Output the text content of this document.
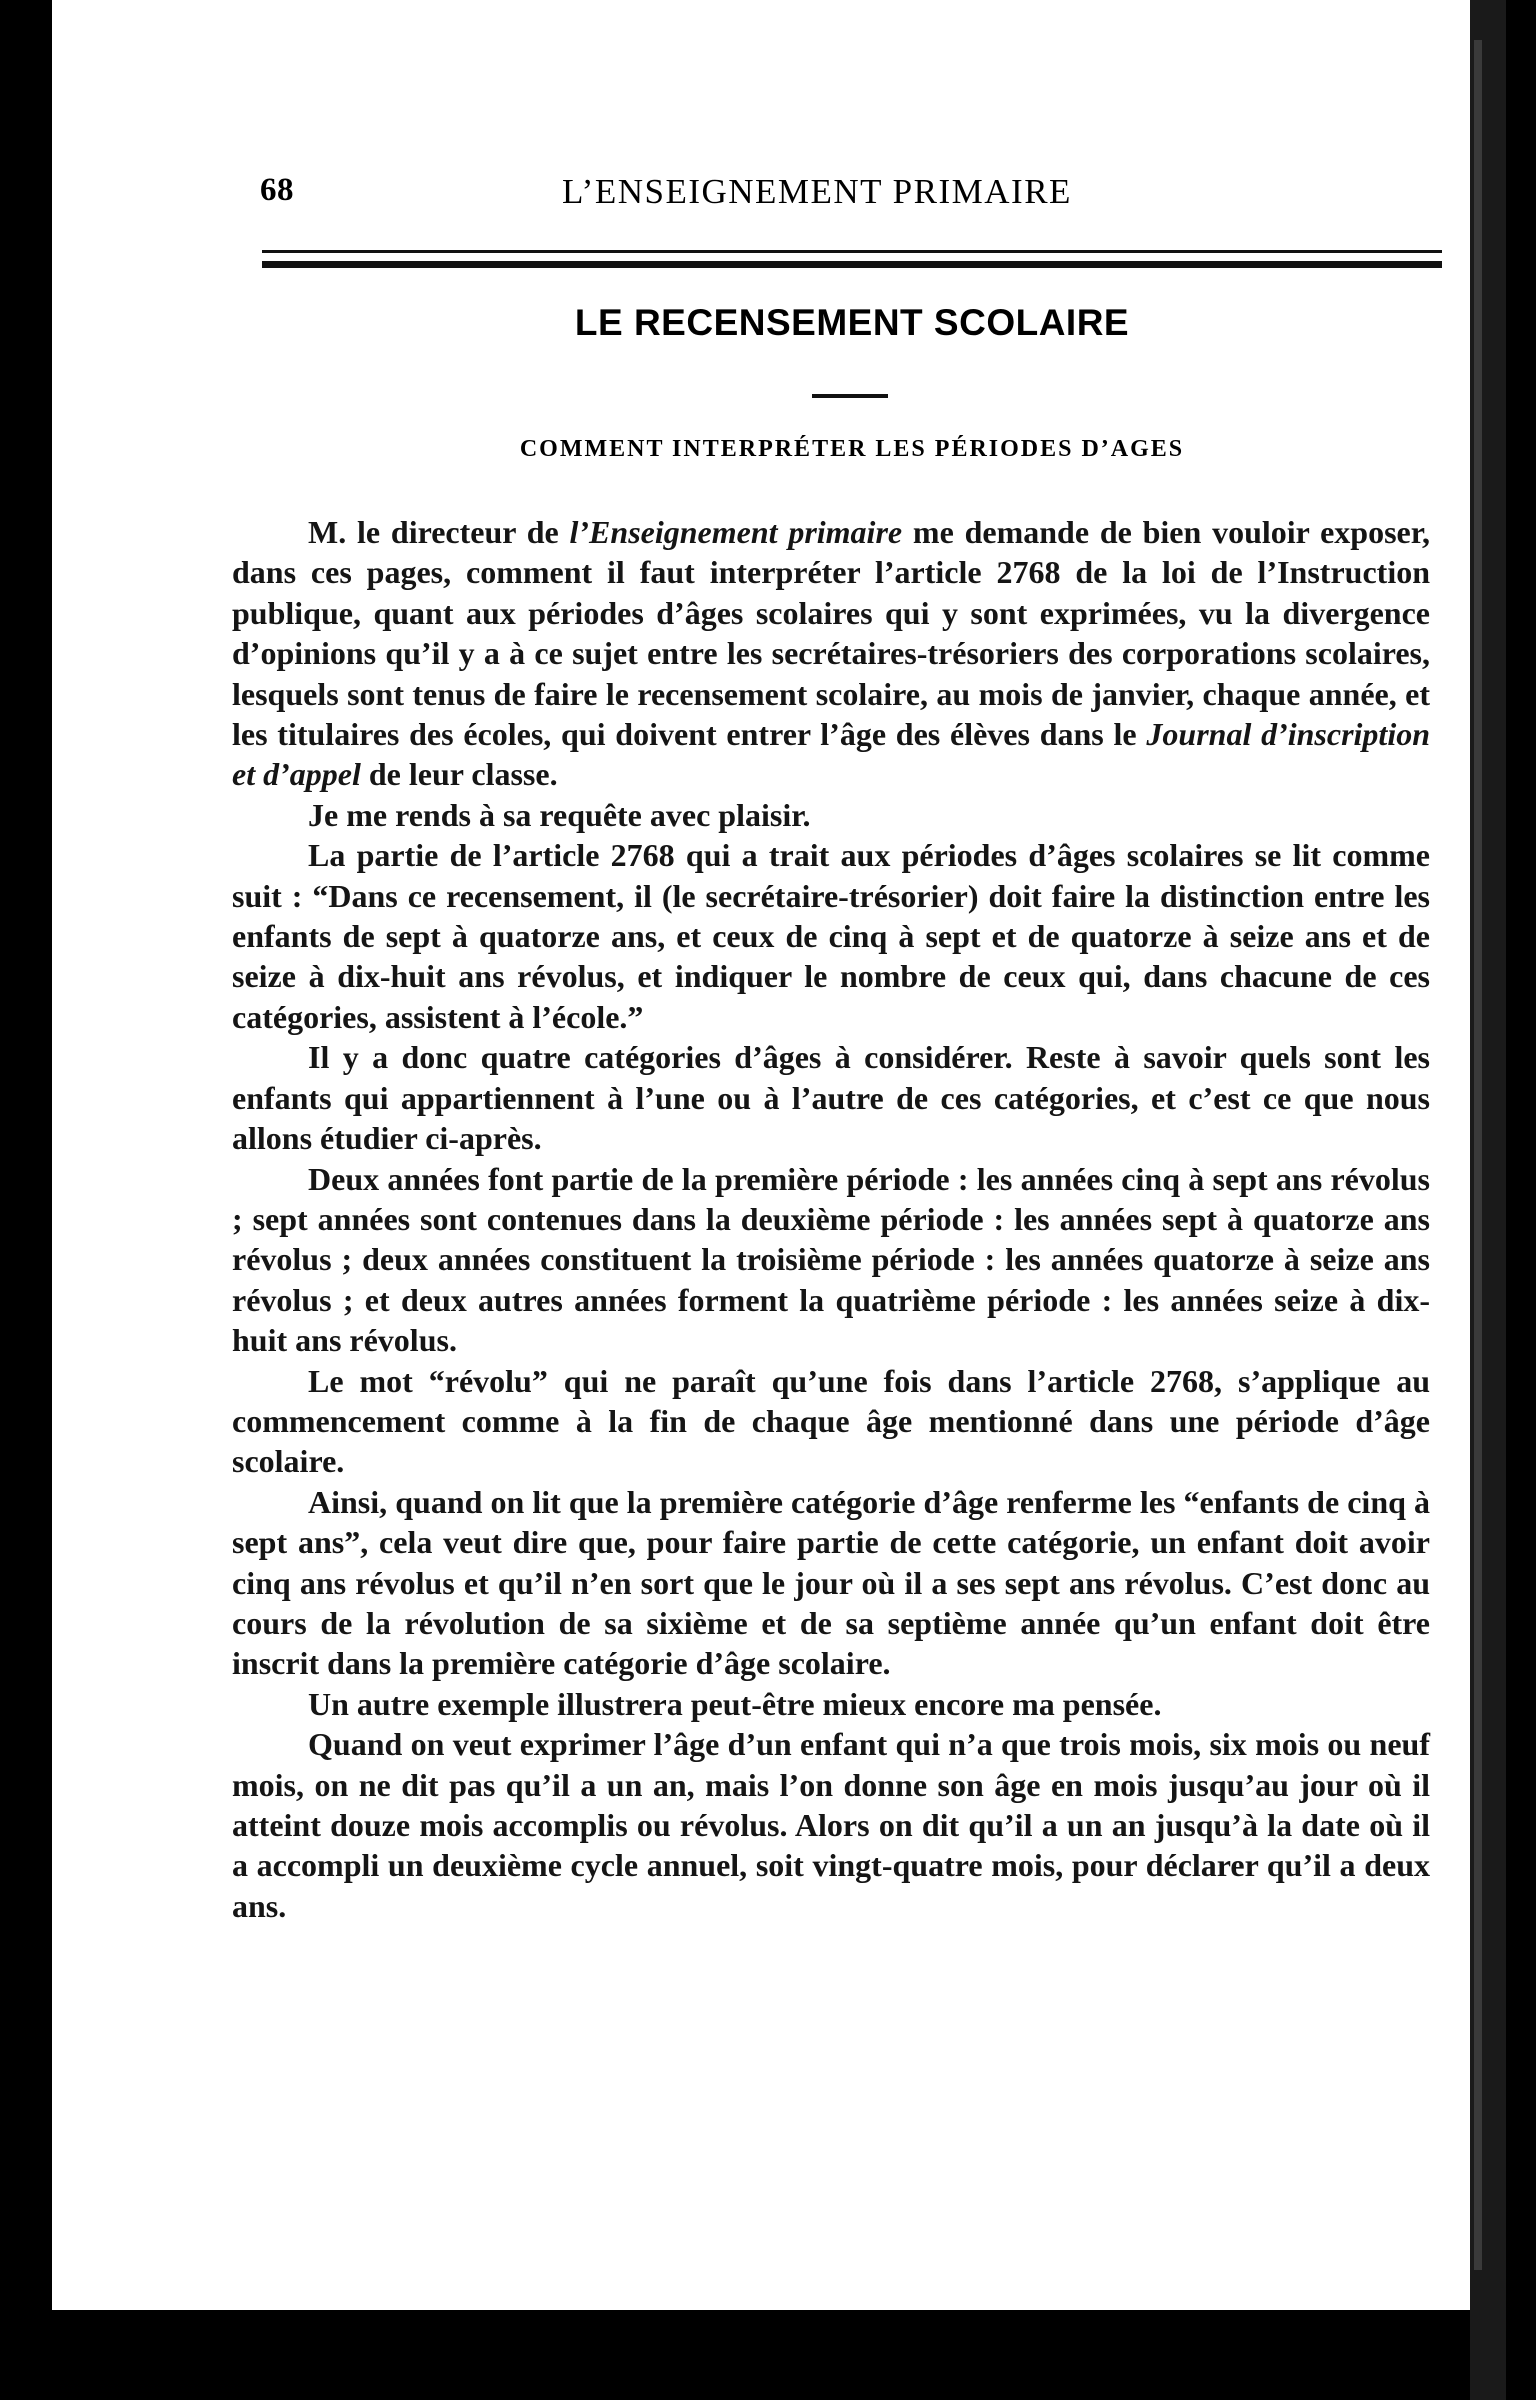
68	L’ENSEIGNEMENT PRIMAIRE
LE RECENSEMENT SCOLAIRE
COMMENT INTERPRÉTER LES PÉRIODES D’AGES

M. le directeur de l’Enseignement primaire me demande de bien vouloir exposer, dans ces pages, comment il faut interpréter l’article 2768 de la loi de l’Instruction publique, quant aux périodes d’âges scolaires qui y sont exprimées, vu la divergence d’opinions qu’il y a à ce sujet entre les secrétaires-trésoriers des corporations scolaires, lesquels sont tenus de faire le recensement scolaire, au mois de janvier, chaque année, et les titulaires des écoles, qui doivent entrer l’âge des élèves dans le Journal d’inscription et d’appel de leur classe.

Je me rends à sa requête avec plaisir.

La partie de l’article 2768 qui a trait aux périodes d’âges scolaires se lit comme suit : “Dans ce recensement, il (le secrétaire-trésorier) doit faire la distinction entre les enfants de sept à quatorze ans, et ceux de cinq à sept et de quatorze à seize ans et de seize à dix-huit ans révolus, et indiquer le nombre de ceux qui, dans chacune de ces catégories, assistent à l’école.”

Il y a donc quatre catégories d’âges à considérer. Reste à savoir quels sont les enfants qui appartiennent à l’une ou à l’autre de ces catégories, et c’est ce que nous allons étudier ci-après.

Deux années font partie de la première période : les années cinq à sept ans révolus ; sept années sont contenues dans la deuxième période : les années sept à quatorze ans révolus ; deux années constituent la troisième période : les années quatorze à seize ans révolus ; et deux autres années forment la quatrième période : les années seize à dix-huit ans révolus.

Le mot “révolu” qui ne paraît qu’une fois dans l’article 2768, s’applique au commencement comme à la fin de chaque âge mentionné dans une période d’âge scolaire.

Ainsi, quand on lit que la première catégorie d’âge renferme les “enfants de cinq à sept ans”, cela veut dire que, pour faire partie de cette catégorie, un enfant doit avoir cinq ans révolus et qu’il n’en sort que le jour où il a ses sept ans révolus. C’est donc au cours de la révolution de sa sixième et de sa septième année qu’un enfant doit être inscrit dans la première catégorie d’âge scolaire.

Un autre exemple illustrera peut-être mieux encore ma pensée.

Quand on veut exprimer l’âge d’un enfant qui n’a que trois mois, six mois ou neuf mois, on ne dit pas qu’il a un an, mais l’on donne son âge en mois jusqu’au jour où il atteint douze mois accomplis ou révolus. Alors on dit qu’il a un an jusqu’à la date où il a accompli un deuxième cycle annuel, soit vingt-quatre mois, pour déclarer qu’il a deux ans.
